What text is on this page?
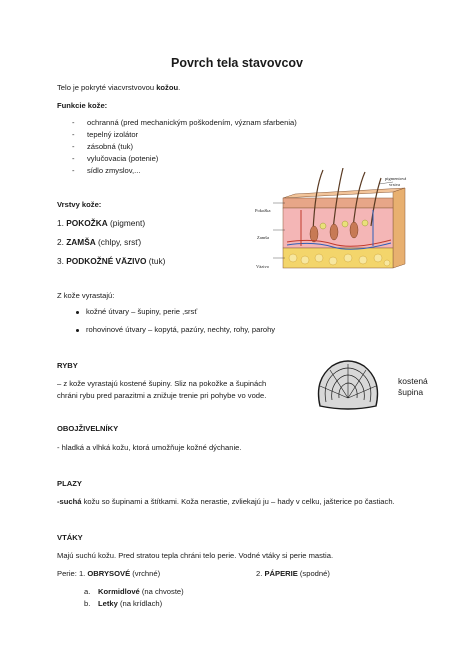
Povrch tela stavovcov
Telo je pokryté viacvrstvovou kožou.
Funkcie kože:
- ochranná (pred mechanickým poškodením, význam sfarbenia)
- tepelný izolátor
- zásobná (tuk)
- vylučovacia (potenie)
- sídlo zmyslov,...
Vrstvy kože:
1. POKOŽKA (pigment)
2. ZAMŠA (chlpy, srsť)
3. PODKOŽNÉ VÄZIVO (tuk)
Pokožka
Zamša
Väzivo
pigmentová
vrstva
Z kože vyrastajú:
kožné útvary – šupiny, perie ,srsť
rohovinové útvary – kopytá, pazúry, nechty, rohy, parohy
RYBY
– z kože vyrastajú kostené šupiny. Sliz na pokožke a šupinách
chráni rybu pred parazitmi a znižuje trenie pri pohybe vo vode.
kostená
šupina
OBOJŽIVELNÍKY
- hladká a vlhká kožu, ktorá umožňuje kožné dýchanie.
PLAZY
-suchá kožu so šupinami a štítkami. Koža nerastie, zvliekajú ju – hady v celku, jašterice po častiach.
VTÁKY
Majú suchú kožu. Pred stratou tepla chráni telo perie. Vodné vtáky si perie mastia.
Perie: 1. OBRYSOVÉ (vrchné)	2. PÁPERIE (spodné)
a. Kormidlové (na chvoste)
b. Letky (na krídlach)
